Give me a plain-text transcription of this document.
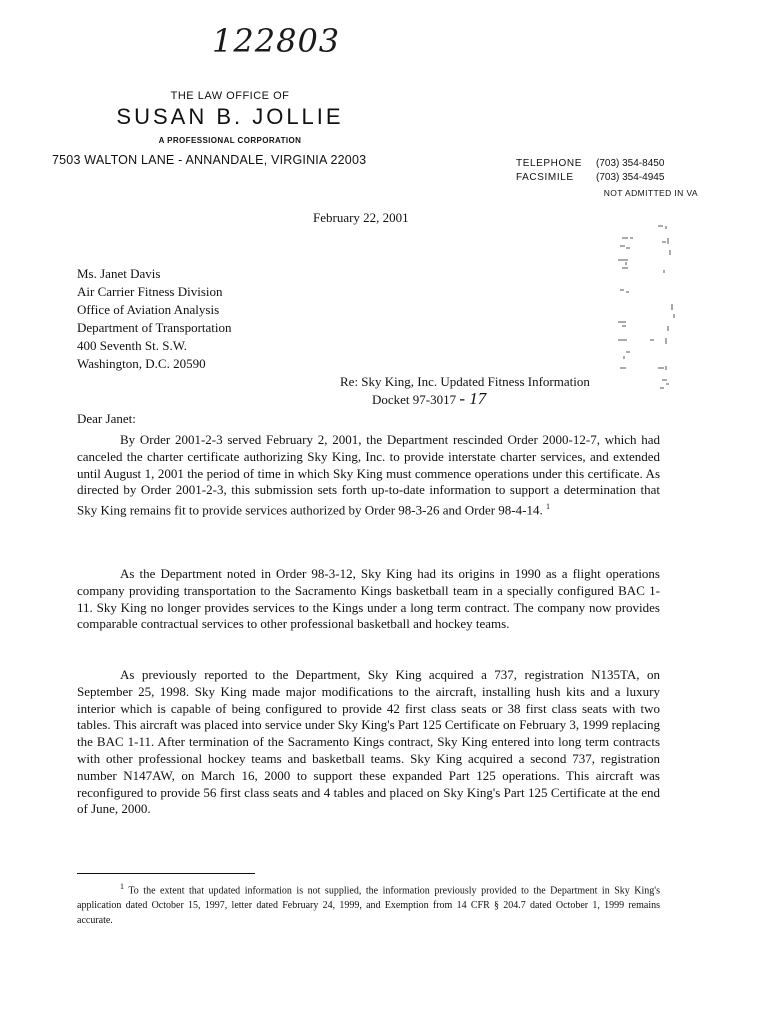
122803
THE LAW OFFICE OF
SUSAN B. JOLLIE
A PROFESSIONAL CORPORATION
7503 WALTON LANE - ANNANDALE, VIRGINIA 22003	TELEPHONE	(703) 354-8450
FACSIMILE	(703) 354-4945
NOT ADMITTED IN VA
February 22, 2001
Ms. Janet Davis
Air Carrier Fitness Division
Office of Aviation Analysis
Department of Transportation
400 Seventh St. S.W.
Washington, D.C. 20590
Re: Sky King, Inc. Updated Fitness Information
Docket 97-3017 - 17
Dear Janet:

By Order 2001-2-3 served February 2, 2001, the Department rescinded Order 2000-12-7, which had canceled the charter certificate authorizing Sky King, Inc. to provide interstate charter services, and extended until August 1, 2001 the period of time in which Sky King must commence operations under this certificate. As directed by Order 2001-2-3, this submission sets forth up-to-date information to support a determination that Sky King remains fit to provide services authorized by Order 98-3-26 and Order 98-4-14. $^1$

As the Department noted in Order 98-3-12, Sky King had its origins in 1990 as a flight operations company providing transportation to the Sacramento Kings basketball team in a specially configured BAC 1-11. Sky King no longer provides services to the Kings under a long term contract. The company now provides comparable contractual services to other professional basketball and hockey teams.

As previously reported to the Department, Sky King acquired a 737, registration N135TA, on September 25, 1998. Sky King made major modifications to the aircraft, installing hush kits and a luxury interior which is capable of being configured to provide 42 first class seats or 38 first class seats with two tables. This aircraft was placed into service under Sky King's Part 125 Certificate on February 3, 1999 replacing the BAC 1-11. After termination of the Sacramento Kings contract, Sky King entered into long term contracts with other professional hockey teams and basketball teams. Sky King acquired a second 737, registration number N147AW, on March 16, 2000 to support these expanded Part 125 operations. This aircraft was reconfigured to provide 56 first class seats and 4 tables and placed on Sky King's Part 125 Certificate at the end of June, 2000.

$^1$ To the extent that updated information is not supplied, the information previously provided to the Department in Sky King's application dated October 15, 1997, letter dated February 24, 1999, and Exemption from 14 CFR § 204.7 dated October 1, 1999 remains accurate.
